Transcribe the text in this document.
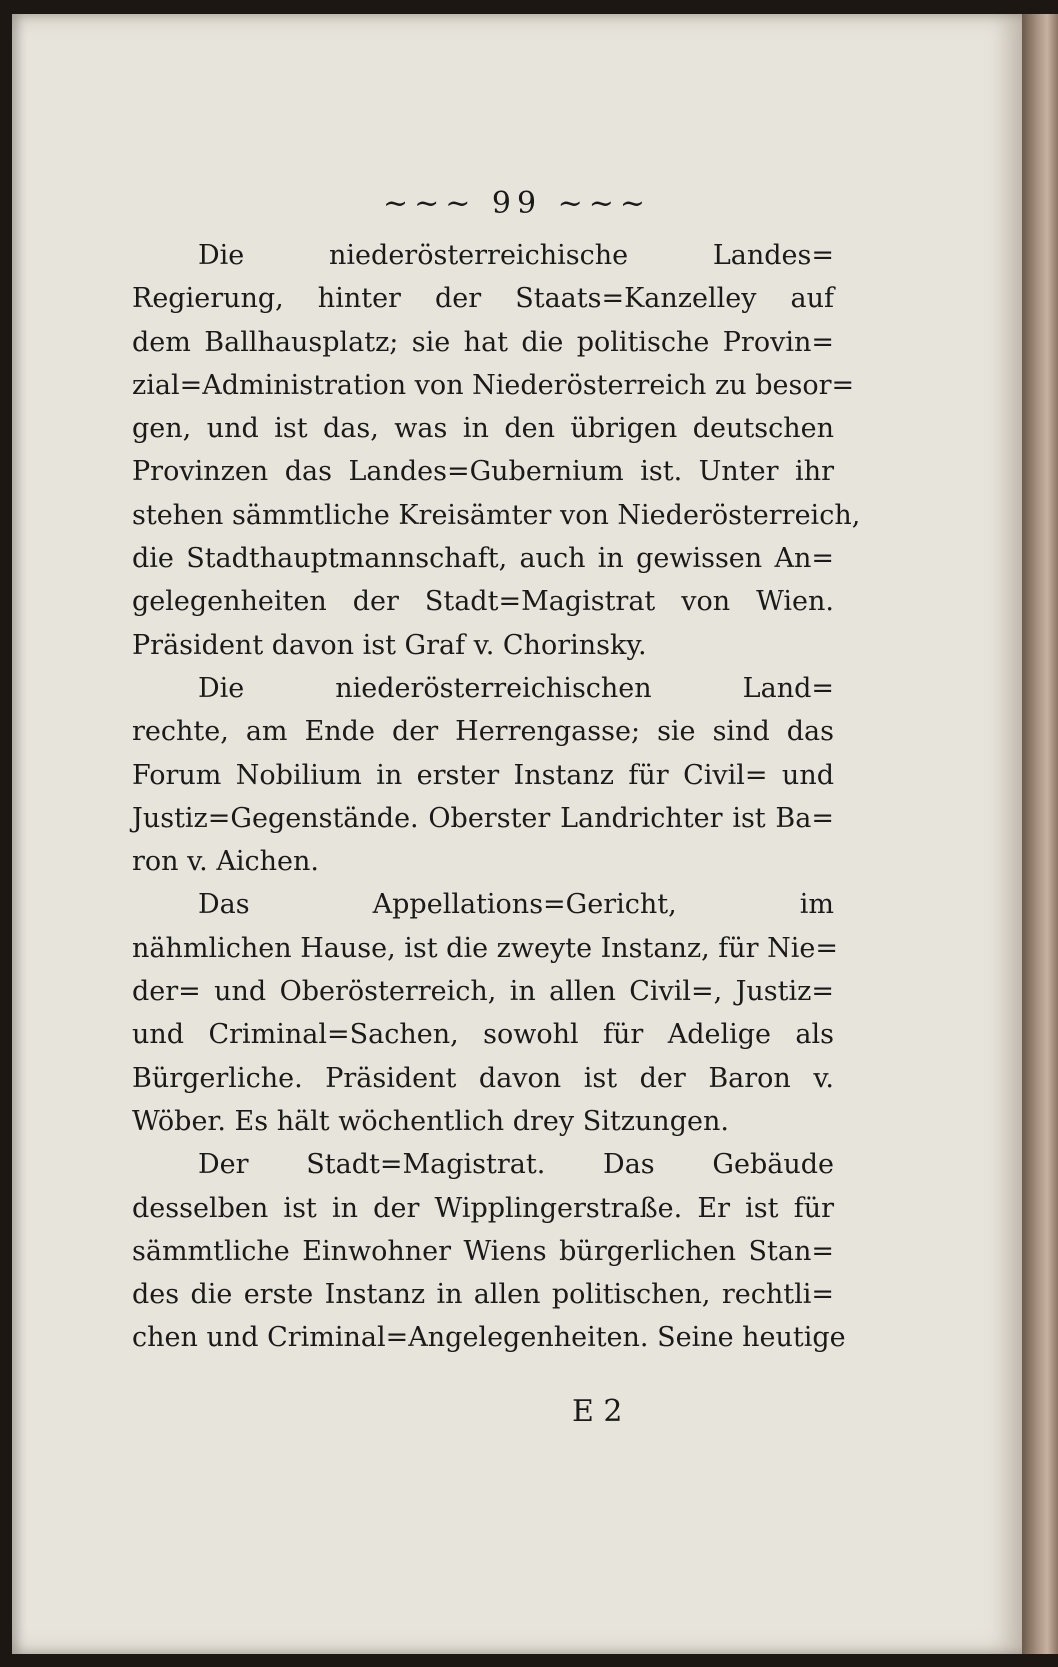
~~~ 99 ~~~
Die niederösterreichische Landes=
Regierung, hinter der Staats=Kanzelley auf
dem Ballhausplatz; sie hat die politische Provin=
zial=Administration von Niederösterreich zu besor=
gen, und ist das, was in den übrigen deutschen
Provinzen das Landes=Gubernium ist. Unter ihr
stehen sämmtliche Kreisämter von Niederösterreich,
die Stadthauptmannschaft, auch in gewissen An=
gelegenheiten der Stadt=Magistrat von Wien.
Präsident davon ist Graf v. Chorinsky.
Die niederösterreichischen Land=
rechte, am Ende der Herrengasse; sie sind das
Forum Nobilium in erster Instanz für Civil= und
Justiz=Gegenstände. Oberster Landrichter ist Ba=
ron v. Aichen.
Das Appellations=Gericht, im
nähmlichen Hause, ist die zweyte Instanz, für Nie=
der= und Oberösterreich, in allen Civil=, Justiz=
und Criminal=Sachen, sowohl für Adelige als
Bürgerliche. Präsident davon ist der Baron v.
Wöber. Es hält wöchentlich drey Sitzungen.
Der Stadt=Magistrat. Das Gebäude
desselben ist in der Wipplingerstraße. Er ist für
sämmtliche Einwohner Wiens bürgerlichen Stan=
des die erste Instanz in allen politischen, rechtli=
chen und Criminal=Angelegenheiten. Seine heutige
E 2
